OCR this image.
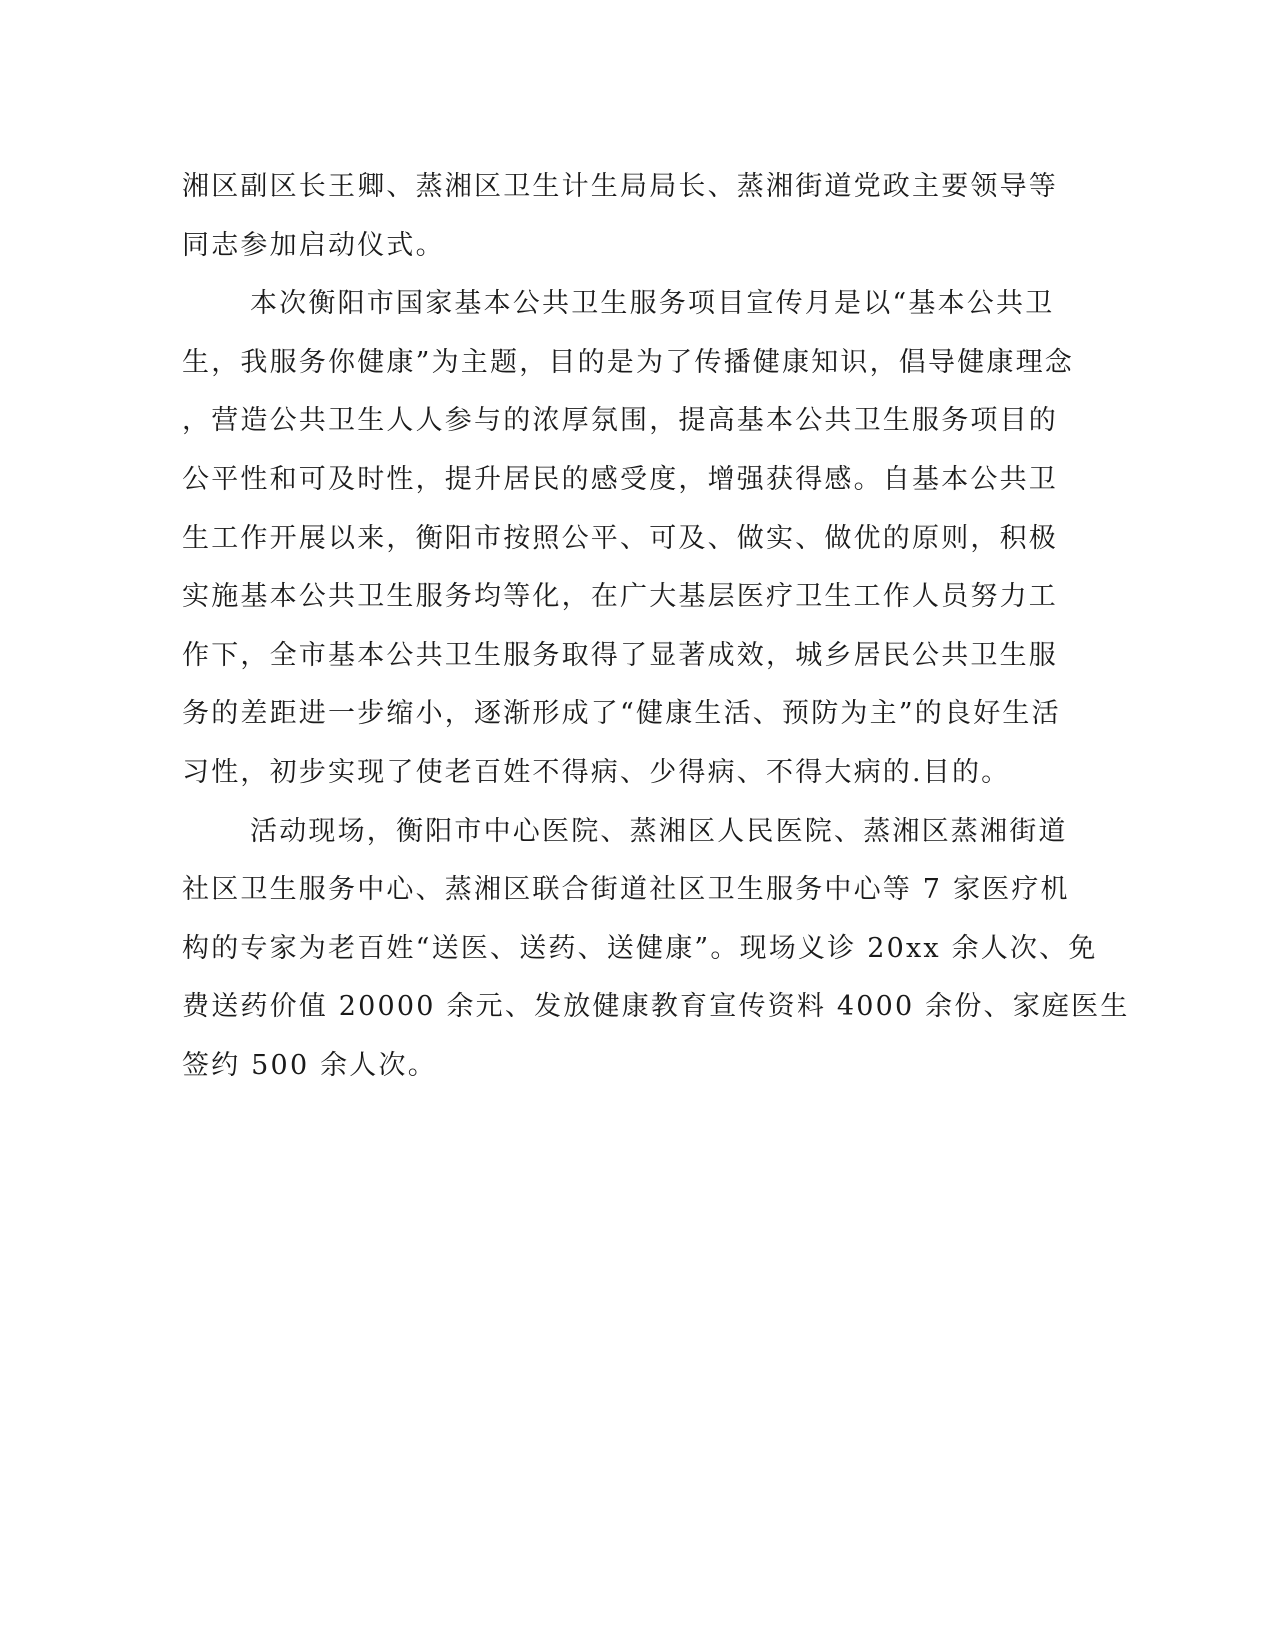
湘区副区长王卿、蒸湘区卫生计生局局长、蒸湘街道党政主要领导等
同志参加启动仪式。
本次衡阳市国家基本公共卫生服务项目宣传月是以“基本公共卫
生，我服务你健康”为主题，目的是为了传播健康知识，倡导健康理念
，营造公共卫生人人参与的浓厚氛围，提高基本公共卫生服务项目的
公平性和可及时性，提升居民的感受度，增强获得感。自基本公共卫
生工作开展以来，衡阳市按照公平、可及、做实、做优的原则，积极
实施基本公共卫生服务均等化，在广大基层医疗卫生工作人员努力工
作下，全市基本公共卫生服务取得了显著成效，城乡居民公共卫生服
务的差距进一步缩小，逐渐形成了“健康生活、预防为主”的良好生活
习性，初步实现了使老百姓不得病、少得病、不得大病的.目的。
活动现场，衡阳市中心医院、蒸湘区人民医院、蒸湘区蒸湘街道
社区卫生服务中心、蒸湘区联合街道社区卫生服务中心等 7 家医疗机
构的专家为老百姓“送医、送药、送健康”。现场义诊 20xx 余人次、免
费送药价值 20000 余元、发放健康教育宣传资料 4000 余份、家庭医生
签约 500 余人次。
